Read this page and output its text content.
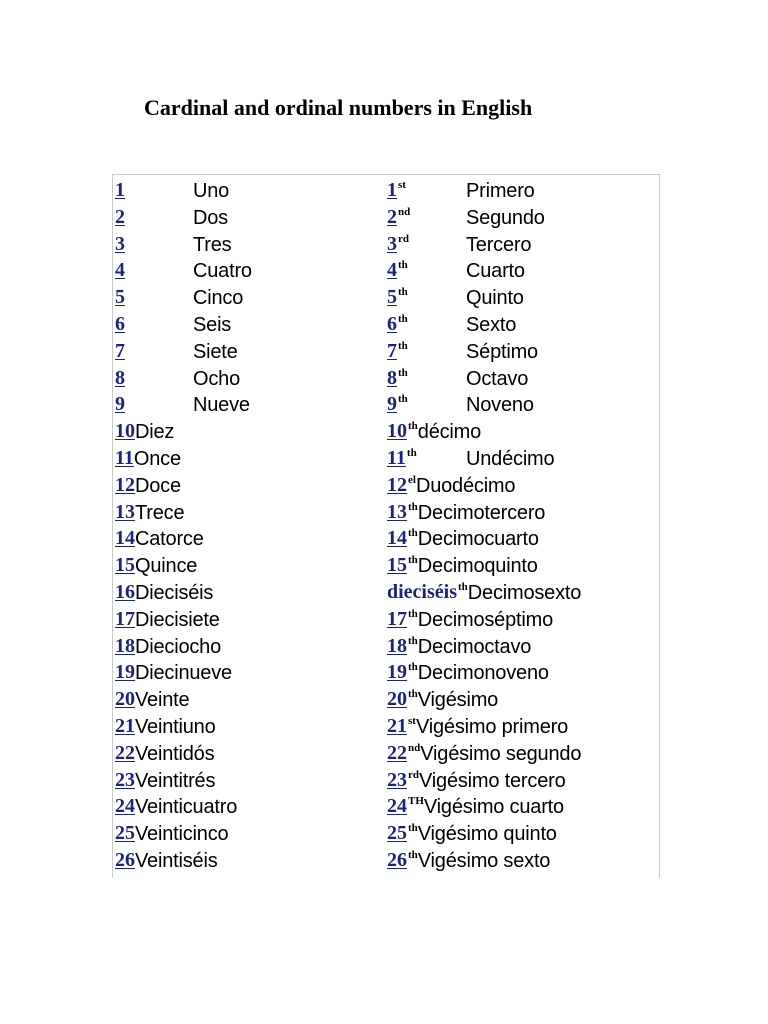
Cardinal and ordinal numbers in English
1	Uno	1 st	Primero
2	Dos	2 nd	Segundo
3	Tres	3 rd	Tercero
4	Cuatro	4 th	Cuarto
5	Cinco	5 th	Quinto
6	Seis	6 th	Sexto
7	Siete	7 th	Séptimo
8	Ocho	8 th	Octavo
9	Nueve	9 th	Noveno
10 Diez	10 th décimo
11 Once	11 th Undécimo
12 Doce	12 el Duodécimo
13 Trece	13 th Decimotercero
14 Catorce	14 th Decimocuarto
15 Quince	15 th Decimoquinto
16 Dieciséis	dieciséis th Decimosexto
17 Diecisiete	17 th Decimoséptimo
18 Dieciocho	18 th Decimoctavo
19 Diecinueve	19 th Decimonoveno
20 Veinte	20 th Vigésimo
21 Veintiuno	21 st Vigésimo primero
22 Veintidós	22 nd Vigésimo segundo
23 Veintitrés	23 rd Vigésimo tercero
24 Veinticuatro	24 TH Vigésimo cuarto
25 Veinticinco	25 th Vigésimo quinto
26 Veintiséis	26 th Vigésimo sexto
